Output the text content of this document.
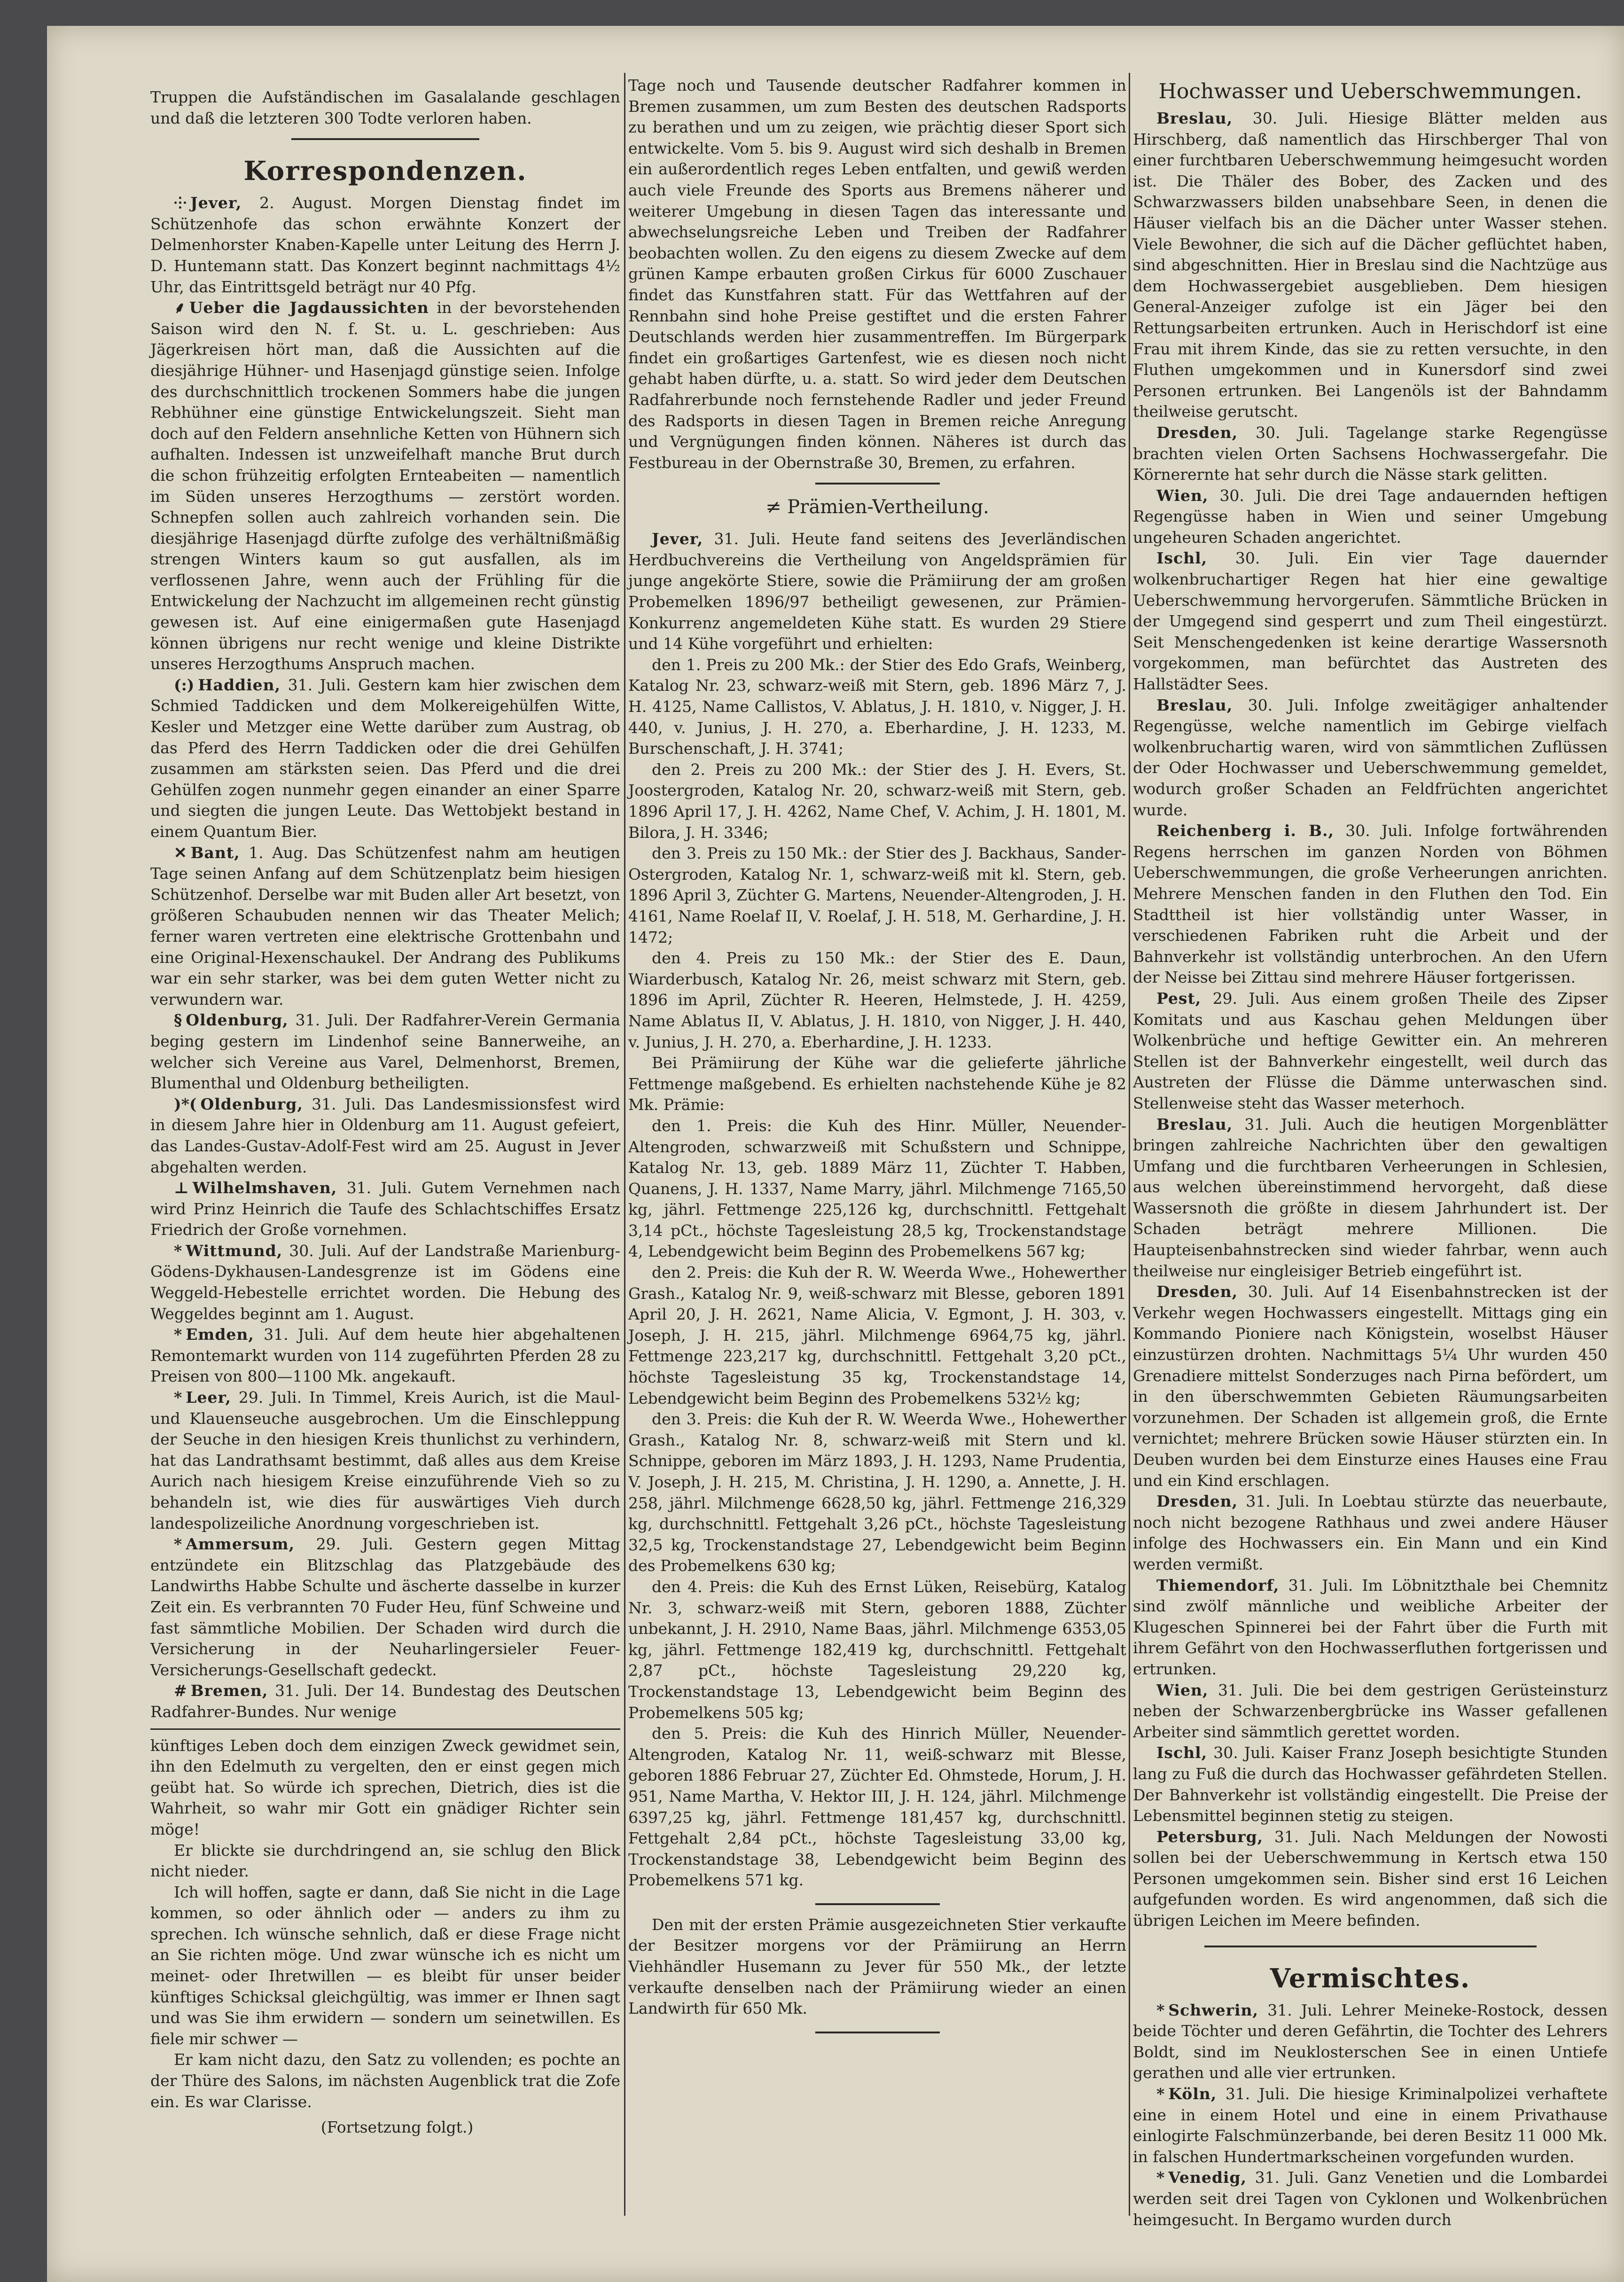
Truppen die Aufständischen im Gasalalande geschlagen und daß die letzteren 300 Todte verloren haben.

Korrespondenzen.

⸭ Jever, 2. August. Morgen Dienstag findet im Schützenhofe das schon erwähnte Konzert der Delmenhorster Knaben-Kapelle unter Leitung des Herrn J. D. Huntemann statt. Das Konzert beginnt nachmittags 4½ Uhr, das Eintrittsgeld beträgt nur 40 Pfg.

⸙ Ueber die Jagdaussichten in der bevorstehenden Saison wird den N. f. St. u. L. geschrieben: Aus Jägerkreisen hört man, daß die Aussichten auf die diesjährige Hühner- und Hasenjagd günstige seien. Infolge des durchschnittlich trockenen Sommers habe die jungen Rebhühner eine günstige Entwickelungszeit. Sieht man doch auf den Feldern ansehnliche Ketten von Hühnern sich aufhalten. Indessen ist unzweifelhaft manche Brut durch die schon frühzeitig erfolgten Ernteabeiten — namentlich im Süden unseres Herzogthums — zerstört worden. Schnepfen sollen auch zahlreich vorhanden sein. Die diesjährige Hasenjagd dürfte zufolge des verhältnißmäßig strengen Winters kaum so gut ausfallen, als im verflossenen Jahre, wenn auch der Frühling für die Entwickelung der Nachzucht im allgemeinen recht günstig gewesen ist. Auf eine einigermaßen gute Hasenjagd können übrigens nur recht wenige und kleine Distrikte unseres Herzogthums Anspruch machen.

(:) Haddien, 31. Juli. Gestern kam hier zwischen dem Schmied Taddicken und dem Molkereigehülfen Witte, Kesler und Metzger eine Wette darüber zum Austrag, ob das Pferd des Herrn Taddicken oder die drei Gehülfen zusammen am stärksten seien. Das Pferd und die drei Gehülfen zogen nunmehr gegen einander an einer Sparre und siegten die jungen Leute. Das Wettobjekt bestand in einem Quantum Bier.

✕ Bant, 1. Aug. Das Schützenfest nahm am heutigen Tage seinen Anfang auf dem Schützenplatz beim hiesigen Schützenhof. Derselbe war mit Buden aller Art besetzt, von größeren Schaubuden nennen wir das Theater Melich; ferner waren vertreten eine elektrische Grottenbahn und eine Original-Hexenschaukel. Der Andrang des Publikums war ein sehr starker, was bei dem guten Wetter nicht zu verwundern war.

§ Oldenburg, 31. Juli. Der Radfahrer-Verein Germania beging gestern im Lindenhof seine Bannerweihe, an welcher sich Vereine aus Varel, Delmenhorst, Bremen, Blumenthal und Oldenburg betheiligten.

)*( Oldenburg, 31. Juli. Das Landesmissionsfest wird in diesem Jahre hier in Oldenburg am 11. August gefeiert, das Landes-Gustav-Adolf-Fest wird am 25. August in Jever abgehalten werden.

⊥ Wilhelmshaven, 31. Juli. Gutem Vernehmen nach wird Prinz Heinrich die Taufe des Schlachtschiffes Ersatz Friedrich der Große vornehmen.

* Wittmund, 30. Juli. Auf der Landstraße Marienburg-Gödens-Dykhausen-Landesgrenze ist im Gödens eine Weggeld-Hebestelle errichtet worden. Die Hebung des Weggeldes beginnt am 1. August.

* Emden, 31. Juli. Auf dem heute hier abgehaltenen Remontemarkt wurden von 114 zugeführten Pferden 28 zu Preisen von 800—1100 Mk. angekauft.

* Leer, 29. Juli. In Timmel, Kreis Aurich, ist die Maul- und Klauenseuche ausgebrochen. Um die Einschleppung der Seuche in den hiesigen Kreis thunlichst zu verhindern, hat das Landrathsamt bestimmt, daß alles aus dem Kreise Aurich nach hiesigem Kreise einzuführende Vieh so zu behandeln ist, wie dies für auswärtiges Vieh durch landespolizeiliche Anordnung vorgeschrieben ist.

* Ammersum, 29. Juli. Gestern gegen Mittag entzündete ein Blitzschlag das Platzgebäude des Landwirths Habbe Schulte und äscherte dasselbe in kurzer Zeit ein. Es verbrannten 70 Fuder Heu, fünf Schweine und fast sämmtliche Mobilien. Der Schaden wird durch die Versicherung in der Neuharlingersieler Feuer-Versicherungs-Gesellschaft gedeckt.

# Bremen, 31. Juli. Der 14. Bundestag des Deutschen Radfahrer-Bundes. Nur wenige

künftiges Leben doch dem einzigen Zweck gewidmet sein, ihn den Edelmuth zu vergelten, den er einst gegen mich geübt hat. So würde ich sprechen, Dietrich, dies ist die Wahrheit, so wahr mir Gott ein gnädiger Richter sein möge!

Er blickte sie durchdringend an, sie schlug den Blick nicht nieder.

Ich will hoffen, sagte er dann, daß Sie nicht in die Lage kommen, so oder ähnlich oder — anders zu ihm zu sprechen. Ich wünsche sehnlich, daß er diese Frage nicht an Sie richten möge. Und zwar wünsche ich es nicht um meinet- oder Ihretwillen — es bleibt für unser beider künftiges Schicksal gleichgültig, was immer er Ihnen sagt und was Sie ihm erwidern — sondern um seinetwillen. Es fiele mir schwer —

Er kam nicht dazu, den Satz zu vollenden; es pochte an der Thüre des Salons, im nächsten Augenblick trat die Zofe ein. Es war Clarisse.

(Fortsetzung folgt.)

Tage noch und Tausende deutscher Radfahrer kommen in Bremen zusammen, um zum Besten des deutschen Radsports zu berathen und um zu zeigen, wie prächtig dieser Sport sich entwickelte. Vom 5. bis 9. August wird sich deshalb in Bremen ein außerordentlich reges Leben entfalten, und gewiß werden auch viele Freunde des Sports aus Bremens näherer und weiterer Umgebung in diesen Tagen das interessante und abwechselungsreiche Leben und Treiben der Radfahrer beobachten wollen. Zu den eigens zu diesem Zwecke auf dem grünen Kampe erbauten großen Cirkus für 6000 Zuschauer findet das Kunstfahren statt. Für das Wettfahren auf der Rennbahn sind hohe Preise gestiftet und die ersten Fahrer Deutschlands werden hier zusammentreffen. Im Bürgerpark findet ein großartiges Gartenfest, wie es diesen noch nicht gehabt haben dürfte, u. a. statt. So wird jeder dem Deutschen Radfahrerbunde noch fernstehende Radler und jeder Freund des Radsports in diesen Tagen in Bremen reiche Anregung und Vergnügungen finden können. Näheres ist durch das Festbureau in der Obernstraße 30, Bremen, zu erfahren.

≠ Prämien-Vertheilung.

Jever, 31. Juli. Heute fand seitens des Jeverländischen Herdbuchvereins die Vertheilung von Angeldsprämien für junge angekörte Stiere, sowie die Prämiirung der am großen Probemelken 1896/97 betheiligt gewesenen, zur Prämien-Konkurrenz angemeldeten Kühe statt. Es wurden 29 Stiere und 14 Kühe vorgeführt und erhielten:

den 1. Preis zu 200 Mk.: der Stier des Edo Grafs, Weinberg, Katalog Nr. 23, schwarz-weiß mit Stern, geb. 1896 März 7, J. H. 4125, Name Callistos, V. Ablatus, J. H. 1810, v. Nigger, J. H. 440, v. Junius, J. H. 270, a. Eberhardine, J. H. 1233, M. Burschenschaft, J. H. 3741;

den 2. Preis zu 200 Mk.: der Stier des J. H. Evers, St. Joostergroden, Katalog Nr. 20, schwarz-weiß mit Stern, geb. 1896 April 17, J. H. 4262, Name Chef, V. Achim, J. H. 1801, M. Bilora, J. H. 3346;

den 3. Preis zu 150 Mk.: der Stier des J. Backhaus, Sander-Ostergroden, Katalog Nr. 1, schwarz-weiß mit kl. Stern, geb. 1896 April 3, Züchter G. Martens, Neuender-Altengroden, J. H. 4161, Name Roelaf II, V. Roelaf, J. H. 518, M. Gerhardine, J. H. 1472;

den 4. Preis zu 150 Mk.: der Stier des E. Daun, Wiarderbusch, Katalog Nr. 26, meist schwarz mit Stern, geb. 1896 im April, Züchter R. Heeren, Helmstede, J. H. 4259, Name Ablatus II, V. Ablatus, J. H. 1810, von Nigger, J. H. 440, v. Junius, J. H. 270, a. Eberhardine, J. H. 1233.

Bei Prämiirung der Kühe war die gelieferte jährliche Fettmenge maßgebend. Es erhielten nachstehende Kühe je 82 Mk. Prämie:

den 1. Preis: die Kuh des Hinr. Müller, Neuender-Altengroden, schwarzweiß mit Schußstern und Schnippe, Katalog Nr. 13, geb. 1889 März 11, Züchter T. Habben, Quanens, J. H. 1337, Name Marry, jährl. Milchmenge 7165,50 kg, jährl. Fettmenge 225,126 kg, durchschnittl. Fettgehalt 3,14 pCt., höchste Tagesleistung 28,5 kg, Trockenstandstage 4, Lebendgewicht beim Beginn des Probemelkens 567 kg;

den 2. Preis: die Kuh der R. W. Weerda Wwe., Hohewerther Grash., Katalog Nr. 9, weiß-schwarz mit Blesse, geboren 1891 April 20, J. H. 2621, Name Alicia, V. Egmont, J. H. 303, v. Joseph, J. H. 215, jährl. Milchmenge 6964,75 kg, jährl. Fettmenge 223,217 kg, durchschnittl. Fettgehalt 3,20 pCt., höchste Tagesleistung 35 kg, Trockenstandstage 14, Lebendgewicht beim Beginn des Probemelkens 532½ kg;

den 3. Preis: die Kuh der R. W. Weerda Wwe., Hohewerther Grash., Katalog Nr. 8, schwarz-weiß mit Stern und kl. Schnippe, geboren im März 1893, J. H. 1293, Name Prudentia, V. Joseph, J. H. 215, M. Christina, J. H. 1290, a. Annette, J. H. 258, jährl. Milchmenge 6628,50 kg, jährl. Fettmenge 216,329 kg, durchschnittl. Fettgehalt 3,26 pCt., höchste Tagesleistung 32,5 kg, Trockenstandstage 27, Lebendgewicht beim Beginn des Probemelkens 630 kg;

den 4. Preis: die Kuh des Ernst Lüken, Reisebürg, Katalog Nr. 3, schwarz-weiß mit Stern, geboren 1888, Züchter unbekannt, J. H. 2910, Name Baas, jährl. Milchmenge 6353,05 kg, jährl. Fettmenge 182,419 kg, durchschnittl. Fettgehalt 2,87 pCt., höchste Tagesleistung 29,220 kg, Trockenstandstage 13, Lebendgewicht beim Beginn des Probemelkens 505 kg;

den 5. Preis: die Kuh des Hinrich Müller, Neuender-Altengroden, Katalog Nr. 11, weiß-schwarz mit Blesse, geboren 1886 Februar 27, Züchter Ed. Ohmstede, Horum, J. H. 951, Name Martha, V. Hektor III, J. H. 124, jährl. Milchmenge 6397,25 kg, jährl. Fettmenge 181,457 kg, durchschnittl. Fettgehalt 2,84 pCt., höchste Tagesleistung 33,00 kg, Trockenstandstage 38, Lebendgewicht beim Beginn des Probemelkens 571 kg.

Den mit der ersten Prämie ausgezeichneten Stier verkaufte der Besitzer morgens vor der Prämiirung an Herrn Viehhändler Husemann zu Jever für 550 Mk., der letzte verkaufte denselben nach der Prämiirung wieder an einen Landwirth für 650 Mk.

Hochwasser und Ueberschwemmungen.

Breslau, 30. Juli. Hiesige Blätter melden aus Hirschberg, daß namentlich das Hirschberger Thal von einer furchtbaren Ueberschwemmung heimgesucht worden ist. Die Thäler des Bober, des Zacken und des Schwarzwassers bilden unabsehbare Seen, in denen die Häuser vielfach bis an die Dächer unter Wasser stehen. Viele Bewohner, die sich auf die Dächer geflüchtet haben, sind abgeschnitten. Hier in Breslau sind die Nachtzüge aus dem Hochwassergebiet ausgeblieben. Dem hiesigen General-Anzeiger zufolge ist ein Jäger bei den Rettungsarbeiten ertrunken. Auch in Herischdorf ist eine Frau mit ihrem Kinde, das sie zu retten versuchte, in den Fluthen umgekommen und in Kunersdorf sind zwei Personen ertrunken. Bei Langenöls ist der Bahndamm theilweise gerutscht.

Dresden, 30. Juli. Tagelange starke Regengüsse brachten vielen Orten Sachsens Hochwassergefahr. Die Körnerernte hat sehr durch die Nässe stark gelitten.

Wien, 30. Juli. Die drei Tage andauernden heftigen Regengüsse haben in Wien und seiner Umgebung ungeheuren Schaden angerichtet.

Ischl, 30. Juli. Ein vier Tage dauernder wolkenbruchartiger Regen hat hier eine gewaltige Ueberschwemmung hervorgerufen. Sämmtliche Brücken in der Umgegend sind gesperrt und zum Theil eingestürzt. Seit Menschengedenken ist keine derartige Wassersnoth vorgekommen, man befürchtet das Austreten des Hallstädter Sees.

Breslau, 30. Juli. Infolge zweitägiger anhaltender Regengüsse, welche namentlich im Gebirge vielfach wolkenbruchartig waren, wird von sämmtlichen Zuflüssen der Oder Hochwasser und Ueberschwemmung gemeldet, wodurch großer Schaden an Feldfrüchten angerichtet wurde.

Reichenberg i. B., 30. Juli. Infolge fortwährenden Regens herrschen im ganzen Norden von Böhmen Ueberschwemmungen, die große Verheerungen anrichten. Mehrere Menschen fanden in den Fluthen den Tod. Ein Stadttheil ist hier vollständig unter Wasser, in verschiedenen Fabriken ruht die Arbeit und der Bahnverkehr ist vollständig unterbrochen. An den Ufern der Neisse bei Zittau sind mehrere Häuser fortgerissen.

Pest, 29. Juli. Aus einem großen Theile des Zipser Komitats und aus Kaschau gehen Meldungen über Wolkenbrüche und heftige Gewitter ein. An mehreren Stellen ist der Bahnverkehr eingestellt, weil durch das Austreten der Flüsse die Dämme unterwaschen sind. Stellenweise steht das Wasser meterhoch.

Breslau, 31. Juli. Auch die heutigen Morgenblätter bringen zahlreiche Nachrichten über den gewaltigen Umfang und die furchtbaren Verheerungen in Schlesien, aus welchen übereinstimmend hervorgeht, daß diese Wassersnoth die größte in diesem Jahrhundert ist. Der Schaden beträgt mehrere Millionen. Die Haupteisenbahnstrecken sind wieder fahrbar, wenn auch theilweise nur eingleisiger Betrieb eingeführt ist.

Dresden, 30. Juli. Auf 14 Eisenbahnstrecken ist der Verkehr wegen Hochwassers eingestellt. Mittags ging ein Kommando Pioniere nach Königstein, woselbst Häuser einzustürzen drohten. Nachmittags 5¼ Uhr wurden 450 Grenadiere mittelst Sonderzuges nach Pirna befördert, um in den überschwemmten Gebieten Räumungsarbeiten vorzunehmen. Der Schaden ist allgemein groß, die Ernte vernichtet; mehrere Brücken sowie Häuser stürzten ein. In Deuben wurden bei dem Einsturze eines Hauses eine Frau und ein Kind erschlagen.

Dresden, 31. Juli. In Loebtau stürzte das neuerbaute, noch nicht bezogene Rathhaus und zwei andere Häuser infolge des Hochwassers ein. Ein Mann und ein Kind werden vermißt.

Thiemendorf, 31. Juli. Im Löbnitzthale bei Chemnitz sind zwölf männliche und weibliche Arbeiter der Klugeschen Spinnerei bei der Fahrt über die Furth mit ihrem Gefährt von den Hochwasserfluthen fortgerissen und ertrunken.

Wien, 31. Juli. Die bei dem gestrigen Gerüsteinsturz neben der Schwarzenbergbrücke ins Wasser gefallenen Arbeiter sind sämmtlich gerettet worden.

Ischl, 30. Juli. Kaiser Franz Joseph besichtigte Stunden lang zu Fuß die durch das Hochwasser gefährdeten Stellen. Der Bahnverkehr ist vollständig eingestellt. Die Preise der Lebensmittel beginnen stetig zu steigen.

Petersburg, 31. Juli. Nach Meldungen der Nowosti sollen bei der Ueberschwemmung in Kertsch etwa 150 Personen umgekommen sein. Bisher sind erst 16 Leichen aufgefunden worden. Es wird angenommen, daß sich die übrigen Leichen im Meere befinden.

Vermischtes.

* Schwerin, 31. Juli. Lehrer Meineke-Rostock, dessen beide Töchter und deren Gefährtin, die Tochter des Lehrers Boldt, sind im Neuklosterschen See in einen Untiefe gerathen und alle vier ertrunken.

* Köln, 31. Juli. Die hiesige Kriminalpolizei verhaftete eine in einem Hotel und eine in einem Privathause einlogirte Falschmünzerbande, bei deren Besitz 11 000 Mk. in falschen Hundertmarkscheinen vorgefunden wurden.

* Venedig, 31. Juli. Ganz Venetien und die Lombardei werden seit drei Tagen von Cyklonen und Wolkenbrüchen heimgesucht. In Bergamo wurden durch
